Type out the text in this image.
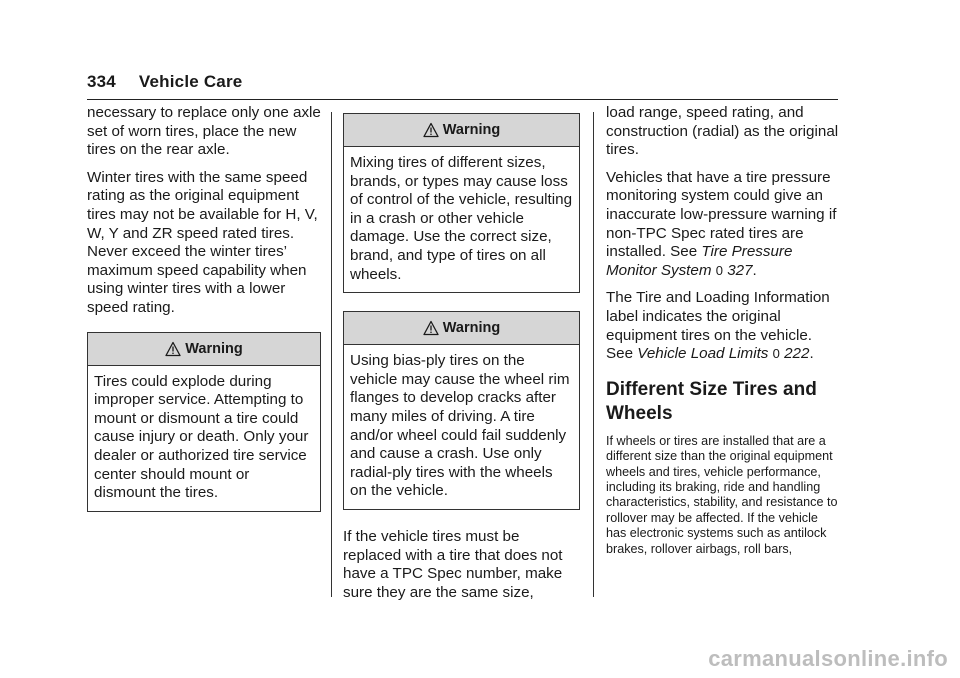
334 Vehicle Care

necessary to replace only one axle set of worn tires, place the new tires on the rear axle.

Winter tires with the same speed rating as the original equipment tires may not be available for H, V, W, Y and ZR speed rated tires. Never exceed the winter tires’ maximum speed capability when using winter tires with a lower speed rating.

Warning
Tires could explode during improper service. Attempting to mount or dismount a tire could cause injury or death. Only your dealer or authorized tire service center should mount or dismount the tires.
Warning
Mixing tires of different sizes, brands, or types may cause loss of control of the vehicle, resulting in a crash or other vehicle damage. Use the correct size, brand, and type of tires on all wheels.
Warning
Using bias-ply tires on the vehicle may cause the wheel rim flanges to develop cracks after many miles of driving. A tire and/or wheel could fail suddenly and cause a crash. Use only radial-ply tires with the wheels on the vehicle.

If the vehicle tires must be replaced with a tire that does not have a TPC Spec number, make sure they are the same size,

load range, speed rating, and construction (radial) as the original tires.

Vehicles that have a tire pressure monitoring system could give an inaccurate low-pressure warning if non-TPC Spec rated tires are installed. See Tire Pressure Monitor System 0 327.

The Tire and Loading Information label indicates the original equipment tires on the vehicle. See Vehicle Load Limits 0 222.

Different Size Tires and Wheels

If wheels or tires are installed that are a different size than the original equipment wheels and tires, vehicle performance, including its braking, ride and handling characteristics, stability, and resistance to rollover may be affected. If the vehicle has electronic systems such as antilock brakes, rollover airbags, roll bars,

carmanualsonline.info
